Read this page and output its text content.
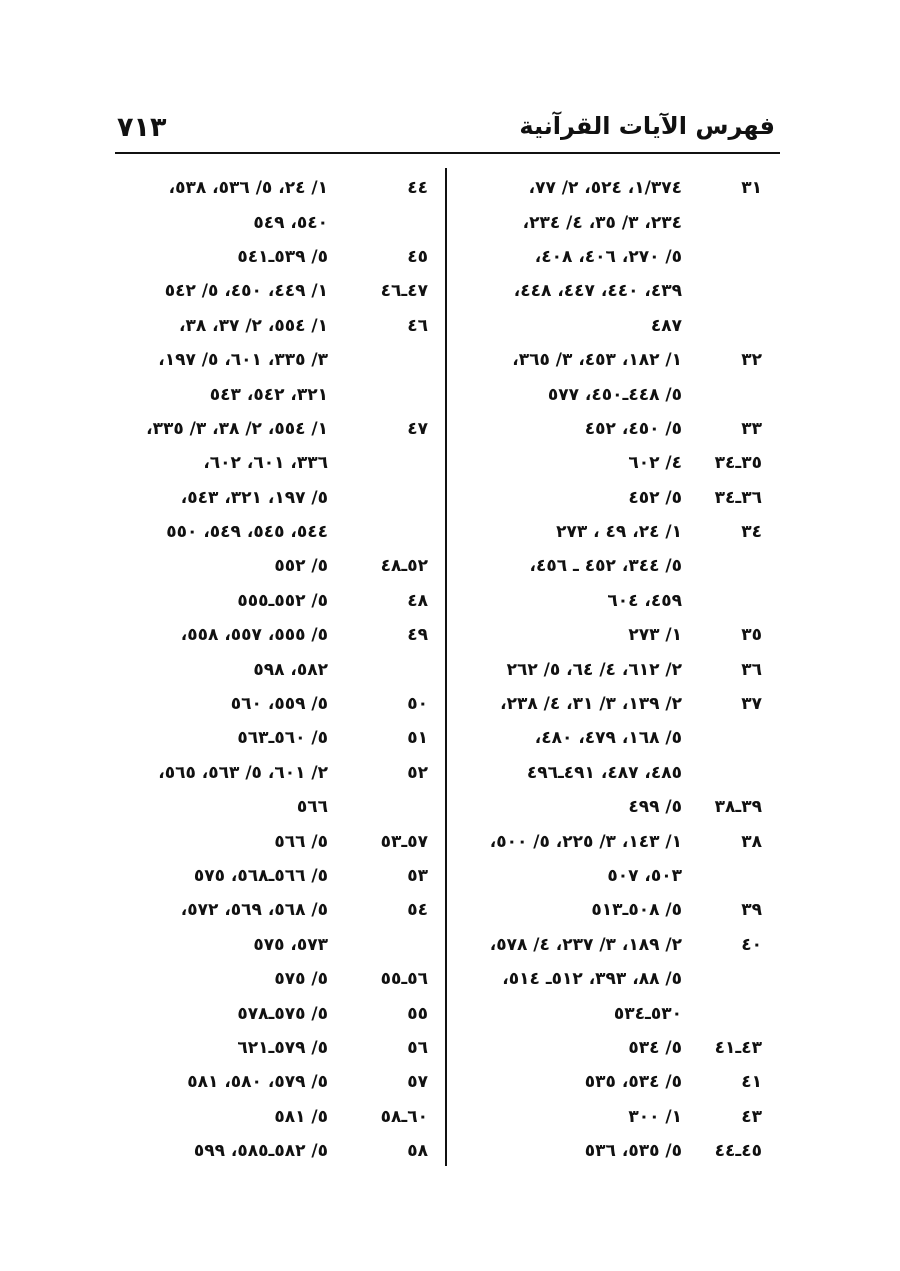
٧١٣	فهرس الآيات القرآنية
٣١
١/٣٧٤، ٥٢٤، ٢/ ٧٧،
٢٣٤، ٣/ ٣٥، ٤/ ٢٣٤،
٥/ ٢٧٠، ٤٠٦، ٤٠٨،
٤٣٩، ٤٤٠، ٤٤٧، ٤٤٨،
٤٨٧
٣٢
١/ ١٨٢، ٤٥٣، ٣/ ٣٦٥،
٥/ ٤٤٨ـ٤٥٠، ٥٧٧
٣٣
٥/ ٤٥٠، ٤٥٢
٣٥ـ٣٤
٤/ ٦٠٢
٣٦ـ٣٤
٥/ ٤٥٢
٣٤
١/ ٢٤، ٤٩ ، ٢٧٣
٥/ ٣٤٤، ٤٥٢ ـ ٤٥٦،
٤٥٩، ٦٠٤
٣٥
١/ ٢٧٣
٣٦
٢/ ٦١٢، ٤/ ٦٤، ٥/ ٢٦٢
٣٧
٢/ ١٣٩، ٣/ ٣١، ٤/ ٢٣٨،
٥/ ١٦٨، ٤٧٩، ٤٨٠،
٤٨٥، ٤٨٧، ٤٩١ـ٤٩٦
٣٩ـ٣٨
٥/ ٤٩٩
٣٨
١/ ١٤٣، ٣/ ٢٢٥، ٥/ ٥٠٠،
٥٠٣، ٥٠٧
٣٩
٥/ ٥٠٨ـ٥١٣
٤٠
٢/ ١٨٩، ٣/ ٢٣٧، ٤/ ٥٧٨،
٥/ ٨٨، ٣٩٣، ٥١٢ـ ٥١٤،
٥٣٠ـ٥٣٤
٤٣ـ٤١
٥/ ٥٣٤
٤١
٥/ ٥٣٤، ٥٣٥
٤٣
١/ ٣٠٠
٤٥ـ٤٤
٥/ ٥٣٥، ٥٣٦
٤٤
١/ ٢٤، ٥/ ٥٣٦، ٥٣٨،
٥٤٠، ٥٤٩
٤٥
٥/ ٥٣٩ـ٥٤١
٤٧ـ٤٦
١/ ٤٤٩، ٤٥٠، ٥/ ٥٤٢
٤٦
١/ ٥٥٤، ٢/ ٣٧، ٣٨،
٣/ ٣٣٥، ٦٠١، ٥/ ١٩٧،
٣٢١، ٥٤٢، ٥٤٣
٤٧
١/ ٥٥٤، ٢/ ٣٨، ٣/ ٣٣٥،
٣٣٦، ٦٠١، ٦٠٢،
٥/ ١٩٧، ٣٢١، ٥٤٣،
٥٤٤، ٥٤٥، ٥٤٩، ٥٥٠
٥٢ـ٤٨
٥/ ٥٥٢
٤٨
٥/ ٥٥٢ـ٥٥٥
٤٩
٥/ ٥٥٥، ٥٥٧، ٥٥٨،
٥٨٢، ٥٩٨
٥٠
٥/ ٥٥٩، ٥٦٠
٥١
٥/ ٥٦٠ـ٥٦٣
٥٢
٢/ ٦٠١، ٥/ ٥٦٣، ٥٦٥،
٥٦٦
٥٧ـ٥٣
٥/ ٥٦٦
٥٣
٥/ ٥٦٦ـ٥٦٨، ٥٧٥
٥٤
٥/ ٥٦٨، ٥٦٩، ٥٧٢،
٥٧٣، ٥٧٥
٥٦ـ٥٥
٥/ ٥٧٥
٥٥
٥/ ٥٧٥ـ٥٧٨
٥٦
٥/ ٥٧٩ـ٦٢١
٥٧
٥/ ٥٧٩، ٥٨٠، ٥٨١
٦٠ـ٥٨
٥/ ٥٨١
٥٨
٥/ ٥٨٢ـ٥٨٥، ٥٩٩
